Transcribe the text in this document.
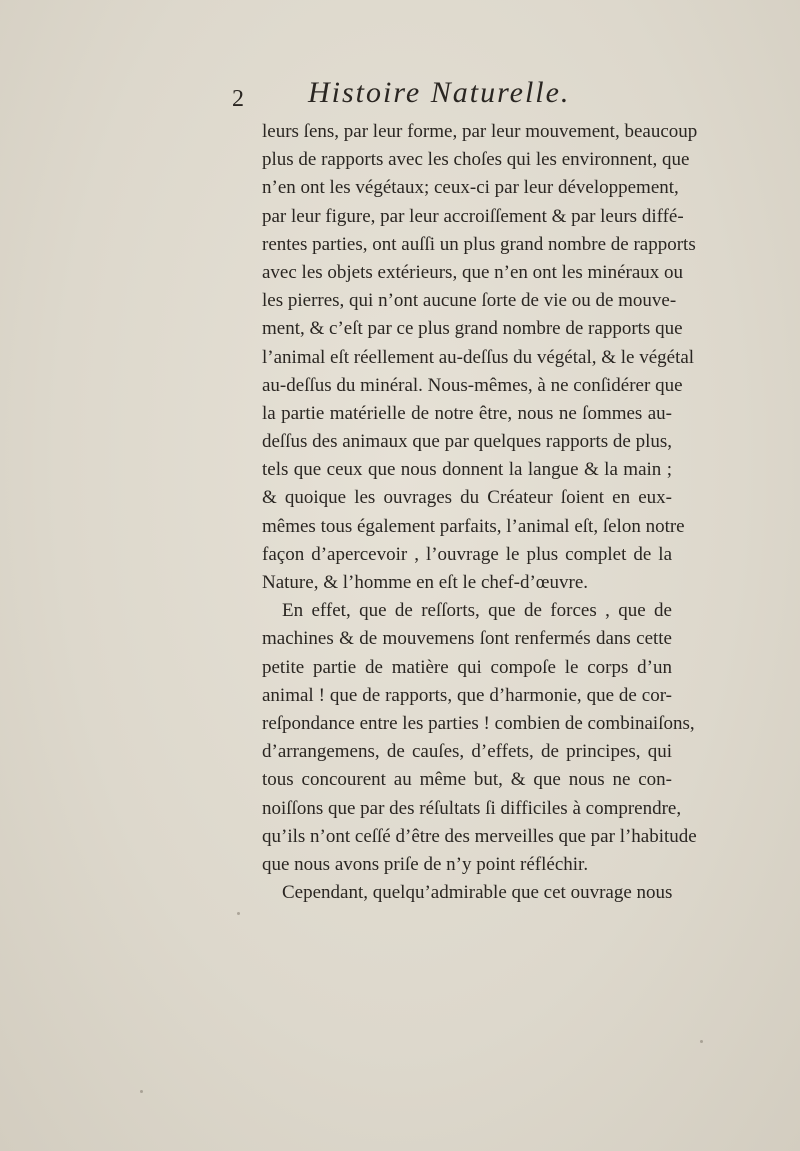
2 Histoire Naturelle.
leurs ſens, par leur forme, par leur mouvement, beaucoup
plus de rapports avec les choſes qui les environnent, que
n’en ont les végétaux; ceux-ci par leur développement,
par leur figure, par leur accroiſſement & par leurs diffé-
rentes parties, ont auſſi un plus grand nombre de rapports
avec les objets extérieurs, que n’en ont les minéraux ou
les pierres, qui n’ont aucune ſorte de vie ou de mouve-
ment, & c’eſt par ce plus grand nombre de rapports que
l’animal eſt réellement au-deſſus du végétal, & le végétal
au-deſſus du minéral. Nous-mêmes, à ne conſidérer que
la partie matérielle de notre être, nous ne ſommes au-
deſſus des animaux que par quelques rapports de plus,
tels que ceux que nous donnent la langue & la main ;
& quoique les ouvrages du Créateur ſoient en eux-
mêmes tous également parfaits, l’animal eſt, ſelon notre
façon d’apercevoir , l’ouvrage le plus complet de la
Nature, & l’homme en eſt le chef-d’œuvre.
En effet, que de reſſorts, que de forces , que de
machines & de mouvemens ſont renfermés dans cette
petite partie de matière qui compoſe le corps d’un
animal ! que de rapports, que d’harmonie, que de cor-
reſpondance entre les parties ! combien de combinaiſons,
d’arrangemens, de cauſes, d’effets, de principes, qui
tous concourent au même but, & que nous ne con-
noiſſons que par des réſultats ſi difficiles à comprendre,
qu’ils n’ont ceſſé d’être des merveilles que par l’habitude
que nous avons priſe de n’y point réfléchir.
Cependant, quelqu’admirable que cet ouvrage nous
